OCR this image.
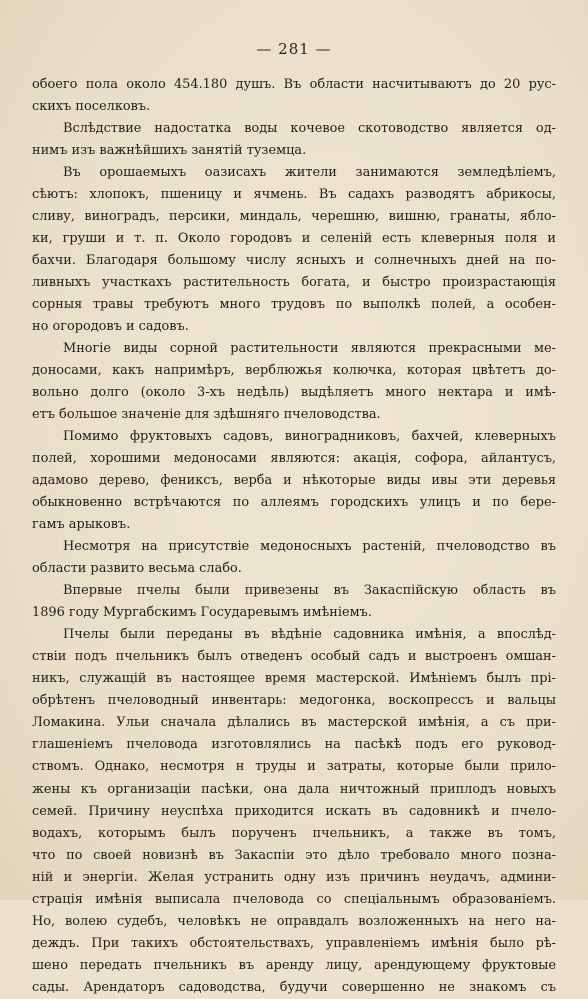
— 281 —
обоего пола около 454.180 душъ. Въ области насчитываютъ до 20 рус-
скихъ поселковъ.
Вслѣдствие надостатка воды кочевое скотоводство является од-
нимъ изъ важнѣйшихъ занятій туземца.
Въ орошаемыхъ оазисахъ жители занимаются земледѣліемъ,
сѣютъ: хлопокъ, пшеницу и ячмень. Въ садахъ разводятъ абрикосы,
сливу, виноградъ, персики, миндаль, черешню, вишню, гранаты, ябло-
ки, груши и т. п. Около городовъ и селеній есть клеверныя поля и
бахчи. Благодаря большому числу ясныхъ и солнечныхъ дней на по-
ливныхъ участкахъ растительность богата, и быстро произрастающія
сорныя травы требуютъ много трудовъ по выполкѣ полей, а особен-
но огородовъ и садовъ.
Многіе виды сорной растительности являются прекрасными ме-
доносами, какъ напримѣръ, верблюжья колючка, которая цвѣтетъ до-
вольно долго (около 3-хъ недѣль) выдѣляетъ много нектара и имѣ-
етъ большое значеніе для здѣшняго пчеловодства.
Помимо фруктовыхъ садовъ, виноградниковъ, бахчей, клеверныхъ
полей, хорошими медоносами являются: акація, софора, айлантусъ,
адамово дерево, фениксъ, верба и нѣкоторые виды ивы эти деревья
обыкновенно встрѣчаются по аллеямъ городскихъ улицъ и по бере-
гамъ арыковъ.
Несмотря на присутствіе медоносныхъ растеній, пчеловодство въ
области развито весьма слабо.
Впервые пчелы были привезены въ Закаспійскую область въ
1896 году Мургабскимъ Государевымъ имѣніемъ.
Пчелы были переданы въ вѣдѣніе садовника имѣнія, а впослѣд-
ствіи подъ пчельникъ былъ отведенъ особый садъ и выстроенъ омшан-
никъ, служащій въ настоящее время мастерской. Имѣніемъ былъ прі-
обрѣтенъ пчеловодный инвентарь: медогонка, воскопрессъ и вальцы
Ломакина. Ульи сначала дѣлались въ мастерской имѣнія, а съ при-
глашеніемъ пчеловода изготовлялись на пасѣкѣ подъ его руковод-
ствомъ. Однако, несмотря н труды и затраты, которые были прило-
жены къ организаціи пасѣки, она дала ничтожный приплодъ новыхъ
семей. Причину неуспѣха приходится искать въ садовникѣ и пчело-
водахъ, которымъ былъ порученъ пчельникъ, а также въ томъ,
что по своей новизнѣ въ Закаспіи это дѣло требовало много позна-
ній и энергіи. Желая устранить одну изъ причинъ неудачъ, админи-
страція имѣнія выписала пчеловода со спеціальнымъ образованіемъ.
Но, волею судебъ, человѣкъ не оправдалъ возложенныхъ на него на-
деждъ. При такихъ обстоятельствахъ, управленіемъ имѣнія было рѣ-
шено передать пчельникъ въ аренду лицу, арендующему фруктовые
сады. Арендаторъ садоводства, будучи совершенно не знакомъ съ
